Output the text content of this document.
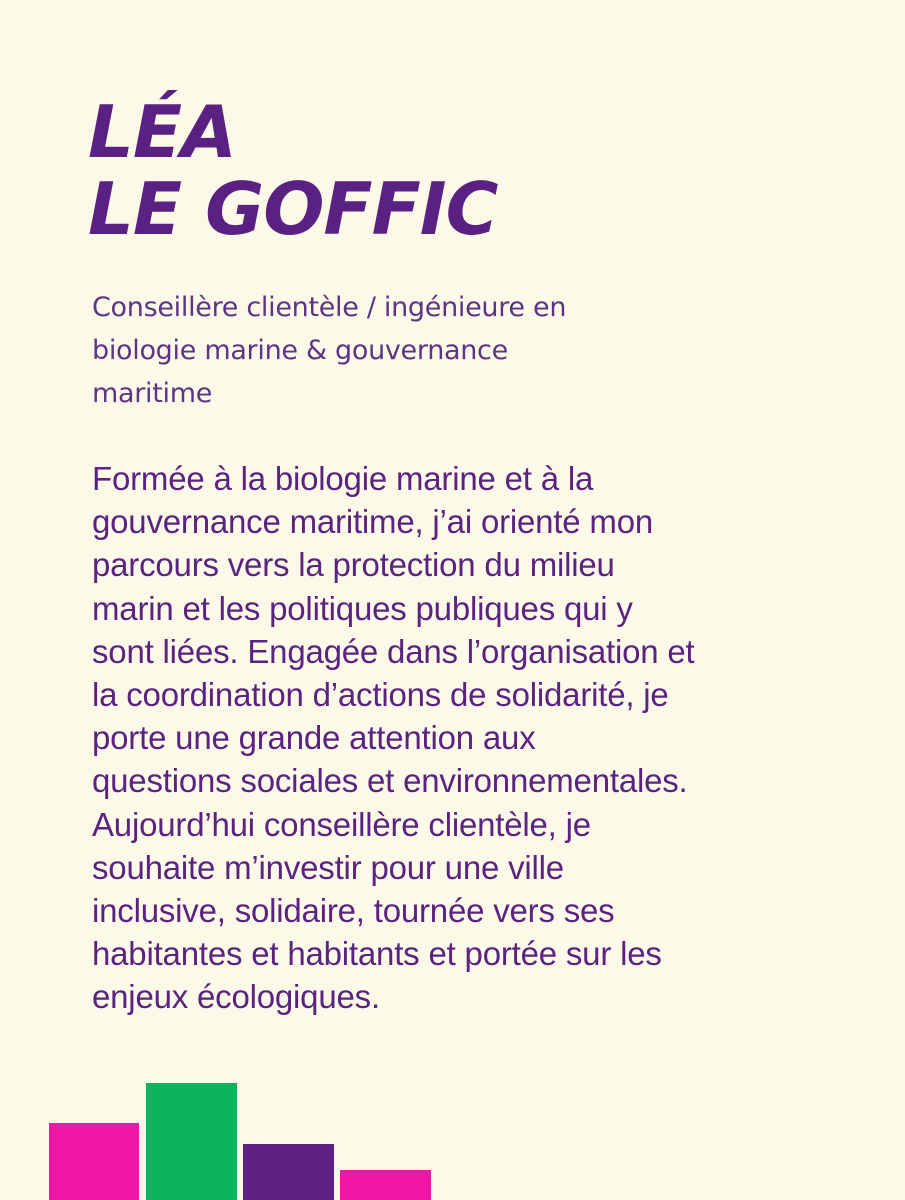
LÉA
LE GOFFIC

Conseillère clientèle / ingénieure en
biologie marine & gouvernance
maritime

Formée à la biologie marine et à la
gouvernance maritime, j’ai orienté mon
parcours vers la protection du milieu
marin et les politiques publiques qui y
sont liées. Engagée dans l’organisation et
la coordination d’actions de solidarité, je
porte une grande attention aux
questions sociales et environnementales.
Aujourd’hui conseillère clientèle, je
souhaite m’investir pour une ville
inclusive, solidaire, tournée vers ses
habitantes et habitants et portée sur les
enjeux écologiques.
